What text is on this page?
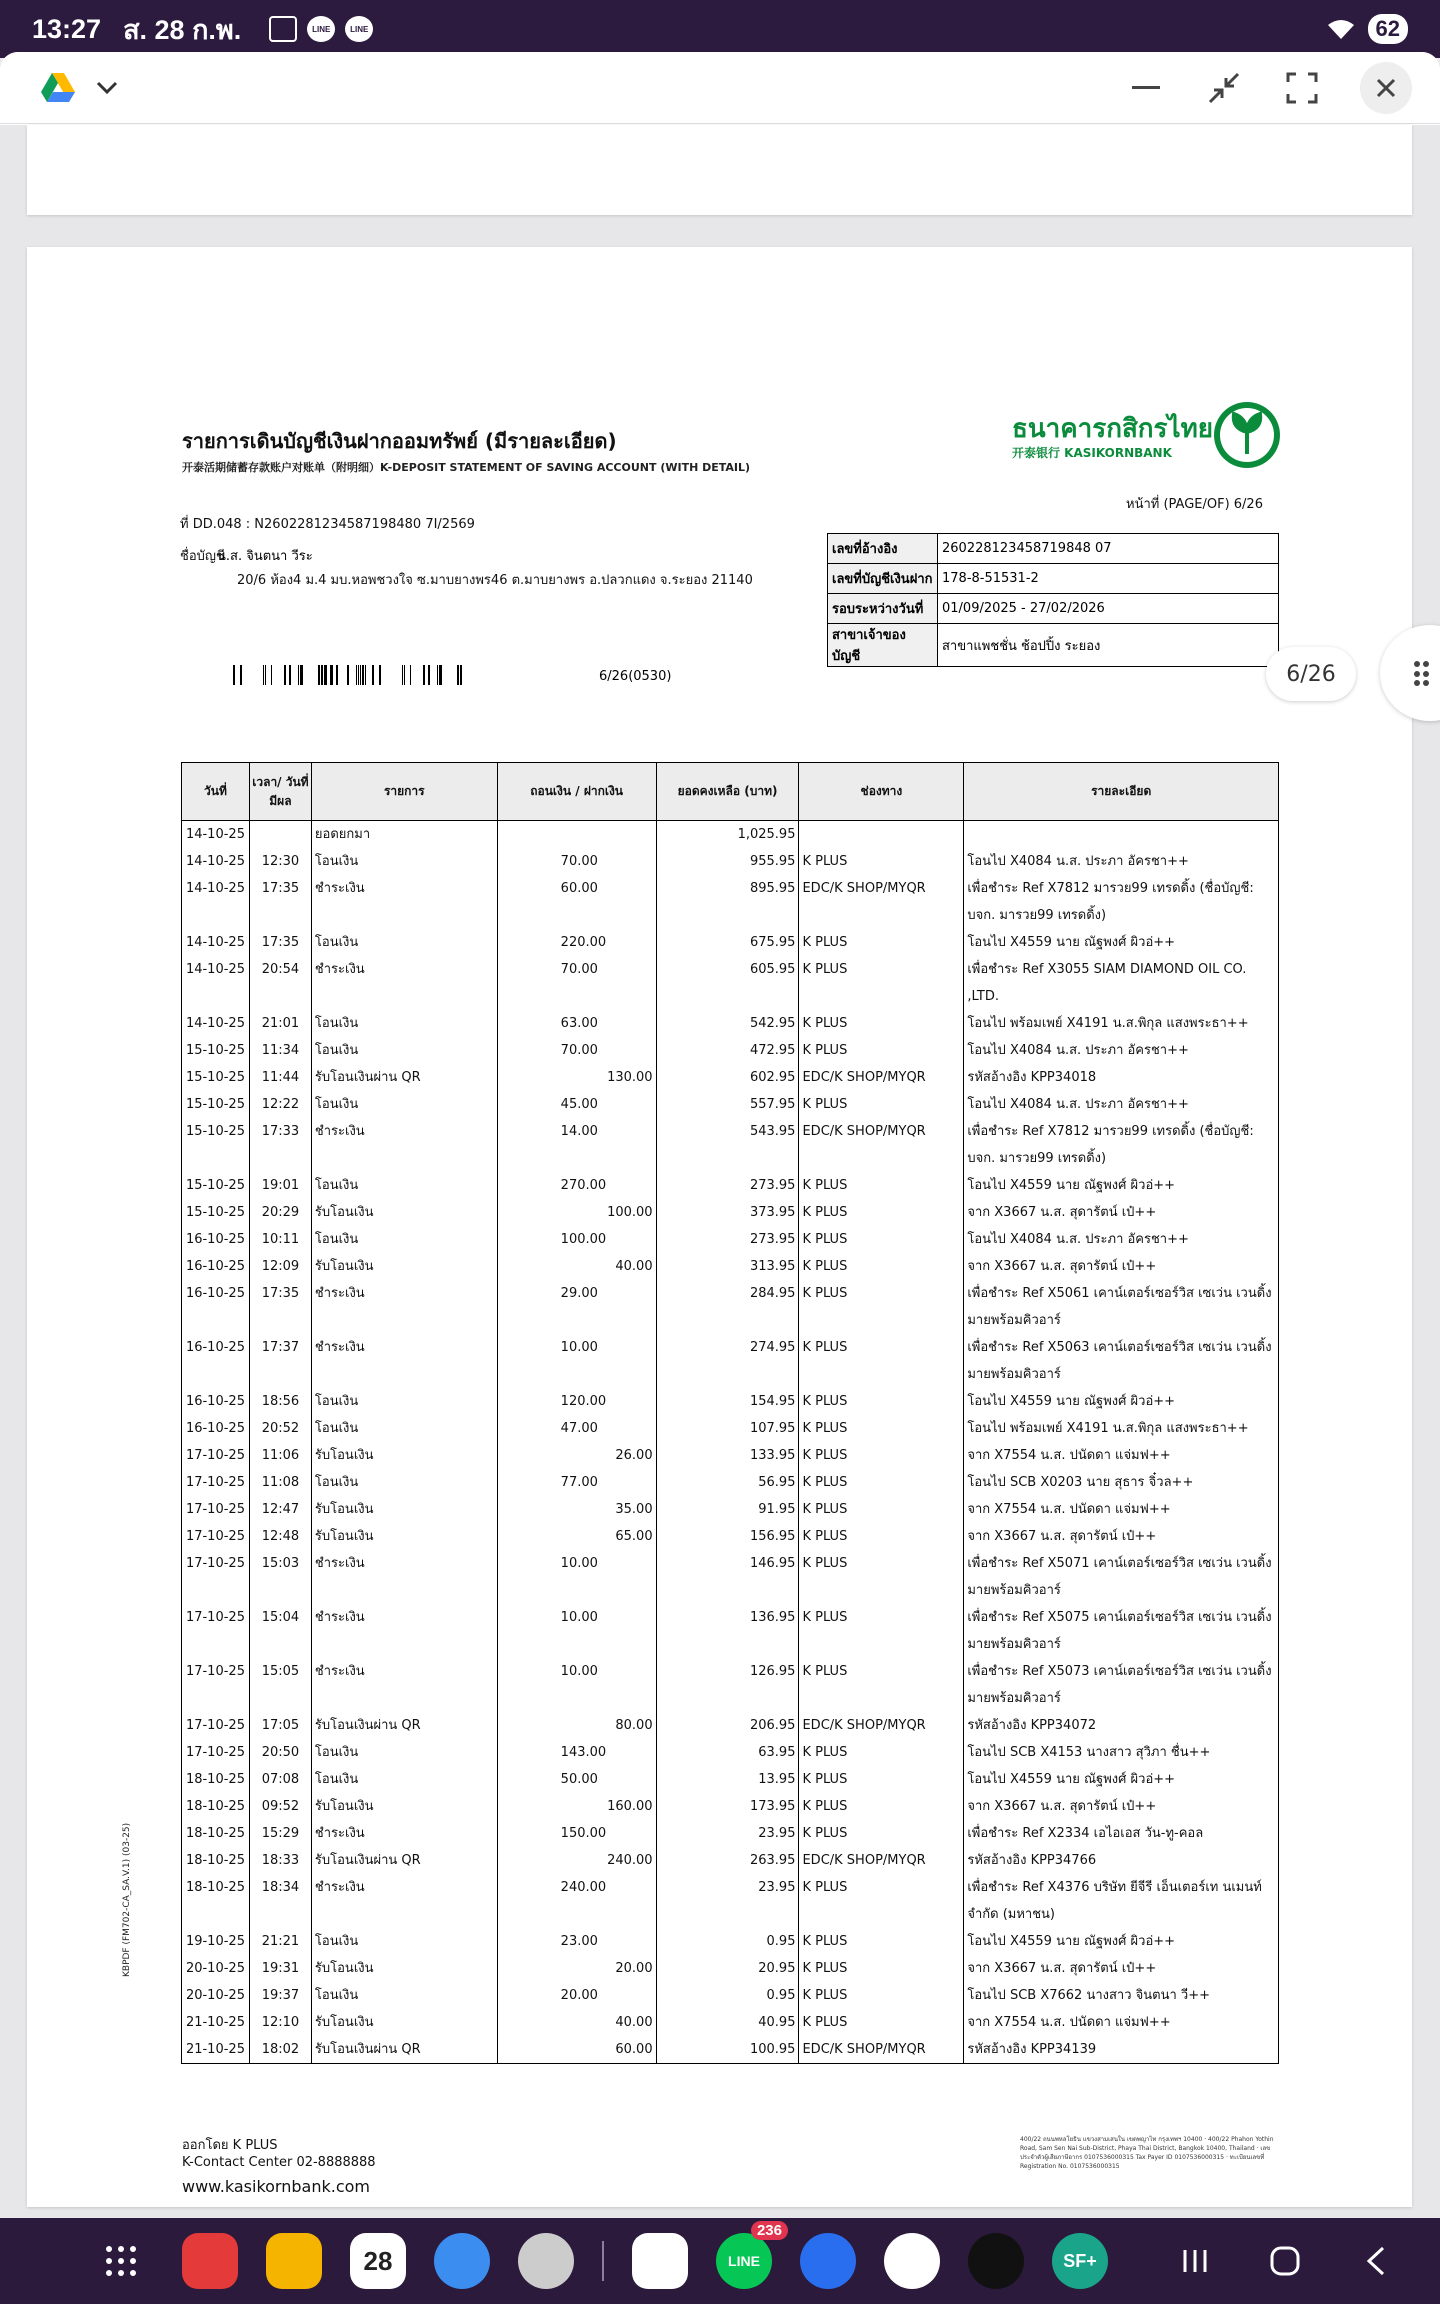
13:27 ส. 28 ก.พ.	LINE	LINE	62
รายการเดินบัญชีเงินฝากออมทรัพย์ (มีรายละเอียด)
开泰活期储蓄存款账户对账单（附明细）K-DEPOSIT STATEMENT OF SAVING ACCOUNT (WITH DETAIL)
ธนาคารกสิกรไทย
开泰银行 KASIKORNBANK
หน้าที่ (PAGE/OF) 6/26
ที่ DD.048 : N2602281234587198480 7I/2569
ชื่อบัญชี
น.ส. จินตนา วีระ
20/6 ห้อง4 ม.4 มบ.หอพชวงใจ ซ.มาบยางพร46 ต.มาบยางพร อ.ปลวกแดง จ.ระยอง 21140
6/26(0530)
เลขที่อ้างอิง	260228123458719848 07
เลขที่บัญชีเงินฝาก	178-8-51531-2
รอบระหว่างวันที่	01/09/2025 - 27/02/2026
สาขาเจ้าของบัญชี	สาขาแพชชั่น ช้อปปิ้ง ระยอง
วันที่	เวลา/ วันที่มีผล	รายการ	ถอนเงิน / ฝากเงิน	ยอดคงเหลือ (บาท)	ช่องทาง	รายละเอียด
14-10-25		ยอดยกมา		1,025.95		
14-10-25	12:30	โอนเงิน	70.00	955.95	K PLUS	โอนไป X4084 น.ส. ประภา อัครชา++
14-10-25	17:35	ชำระเงิน	60.00	895.95	EDC/K SHOP/MYQR	เพื่อชำระ Ref X7812 มารวย99 เทรดดิ้ง (ชื่อบัญชี: บจก. มารวย99 เทรดดิ้ง)
14-10-25	17:35	โอนเงิน	220.00	675.95	K PLUS	โอนไป X4559 นาย ณัฐพงศ์ ผิวอ่++
14-10-25	20:54	ชำระเงิน	70.00	605.95	K PLUS	เพื่อชำระ Ref X3055 SIAM DIAMOND OIL CO. ,LTD.
14-10-25	21:01	โอนเงิน	63.00	542.95	K PLUS	โอนไป พร้อมเพย์ X4191 น.ส.พิกุล แสงพระธา++
15-10-25	11:34	โอนเงิน	70.00	472.95	K PLUS	โอนไป X4084 น.ส. ประภา อัครชา++
15-10-25	11:44	รับโอนเงินผ่าน QR	130.00	602.95	EDC/K SHOP/MYQR	รหัสอ้างอิง KPP34018
15-10-25	12:22	โอนเงิน	45.00	557.95	K PLUS	โอนไป X4084 น.ส. ประภา อัครชา++
15-10-25	17:33	ชำระเงิน	14.00	543.95	EDC/K SHOP/MYQR	เพื่อชำระ Ref X7812 มารวย99 เทรดดิ้ง (ชื่อบัญชี: บจก. มารวย99 เทรดดิ้ง)
15-10-25	19:01	โอนเงิน	270.00	273.95	K PLUS	โอนไป X4559 นาย ณัฐพงศ์ ผิวอ่++
15-10-25	20:29	รับโอนเงิน	100.00	373.95	K PLUS	จาก X3667 น.ส. สุดารัตน์ เป๋++
16-10-25	10:11	โอนเงิน	100.00	273.95	K PLUS	โอนไป X4084 น.ส. ประภา อัครชา++
16-10-25	12:09	รับโอนเงิน	40.00	313.95	K PLUS	จาก X3667 น.ส. สุดารัตน์ เป๋++
16-10-25	17:35	ชำระเงิน	29.00	284.95	K PLUS	เพื่อชำระ Ref X5061 เคาน์เตอร์เซอร์วิส เซเว่น เวนดิ้ง มายพร้อมคิวอาร์
16-10-25	17:37	ชำระเงิน	10.00	274.95	K PLUS	เพื่อชำระ Ref X5063 เคาน์เตอร์เซอร์วิส เซเว่น เวนดิ้ง มายพร้อมคิวอาร์
16-10-25	18:56	โอนเงิน	120.00	154.95	K PLUS	โอนไป X4559 นาย ณัฐพงศ์ ผิวอ่++
16-10-25	20:52	โอนเงิน	47.00	107.95	K PLUS	โอนไป พร้อมเพย์ X4191 น.ส.พิกุล แสงพระธา++
17-10-25	11:06	รับโอนเงิน	26.00	133.95	K PLUS	จาก X7554 น.ส. ปนัดดา แจ่มฟ++
17-10-25	11:08	โอนเงิน	77.00	56.95	K PLUS	โอนไป SCB X0203 นาย สุธาร จิ๋วล++
17-10-25	12:47	รับโอนเงิน	35.00	91.95	K PLUS	จาก X7554 น.ส. ปนัดดา แจ่มฟ++
17-10-25	12:48	รับโอนเงิน	65.00	156.95	K PLUS	จาก X3667 น.ส. สุดารัตน์ เป๋++
17-10-25	15:03	ชำระเงิน	10.00	146.95	K PLUS	เพื่อชำระ Ref X5071 เคาน์เตอร์เซอร์วิส เซเว่น เวนดิ้ง มายพร้อมคิวอาร์
17-10-25	15:04	ชำระเงิน	10.00	136.95	K PLUS	เพื่อชำระ Ref X5075 เคาน์เตอร์เซอร์วิส เซเว่น เวนดิ้ง มายพร้อมคิวอาร์
17-10-25	15:05	ชำระเงิน	10.00	126.95	K PLUS	เพื่อชำระ Ref X5073 เคาน์เตอร์เซอร์วิส เซเว่น เวนดิ้ง มายพร้อมคิวอาร์
17-10-25	17:05	รับโอนเงินผ่าน QR	80.00	206.95	EDC/K SHOP/MYQR	รหัสอ้างอิง KPP34072
17-10-25	20:50	โอนเงิน	143.00	63.95	K PLUS	โอนไป SCB X4153 นางสาว สุวิภา ชื่น++
18-10-25	07:08	โอนเงิน	50.00	13.95	K PLUS	โอนไป X4559 นาย ณัฐพงศ์ ผิวอ่++
18-10-25	09:52	รับโอนเงิน	160.00	173.95	K PLUS	จาก X3667 น.ส. สุดารัตน์ เป๋++
18-10-25	15:29	ชำระเงิน	150.00	23.95	K PLUS	เพื่อชำระ Ref X2334 เอไอเอส วัน-ทู-คอล
18-10-25	18:33	รับโอนเงินผ่าน QR	240.00	263.95	EDC/K SHOP/MYQR	รหัสอ้างอิง KPP34766
18-10-25	18:34	ชำระเงิน	240.00	23.95	K PLUS	เพื่อชำระ Ref X4376 บริษัท ยีจีรี เอ็นเตอร์เท นเมนท์ จำกัด (มหาชน)
19-10-25	21:21	โอนเงิน	23.00	0.95	K PLUS	โอนไป X4559 นาย ณัฐพงศ์ ผิวอ่++
20-10-25	19:31	รับโอนเงิน	20.00	20.95	K PLUS	จาก X3667 น.ส. สุดารัตน์ เป๋++
20-10-25	19:37	โอนเงิน	20.00	0.95	K PLUS	โอนไป SCB X7662 นางสาว จินตนา วี++
21-10-25	12:10	รับโอนเงิน	40.00	40.95	K PLUS	จาก X7554 น.ส. ปนัดดา แจ่มฟ++
21-10-25	18:02	รับโอนเงินผ่าน QR	60.00	100.95	EDC/K SHOP/MYQR	รหัสอ้างอิง KPP34139
KBPDF (FM702-CA_SA.V.1) (03-25)
ออกโดย K PLUS
K-Contact Center 02-8888888
www.kasikornbank.com
400/22 ถนนพหลโยธิน แขวงสามเสนใน เขตพญาไท กรุงเทพฯ 10400 · 400/22 Phahon Yothin Road, Sam Sen Nai Sub-District, Phaya Thai District, Bangkok 10400, Thailand · เลขประจำตัวผู้เสียภาษีอากร 0107536000315 Tax Payer ID 0107536000315 · ทะเบียนเลขที่ Registration No. 0107536000315
6/26
28	LINE
236
SF+
